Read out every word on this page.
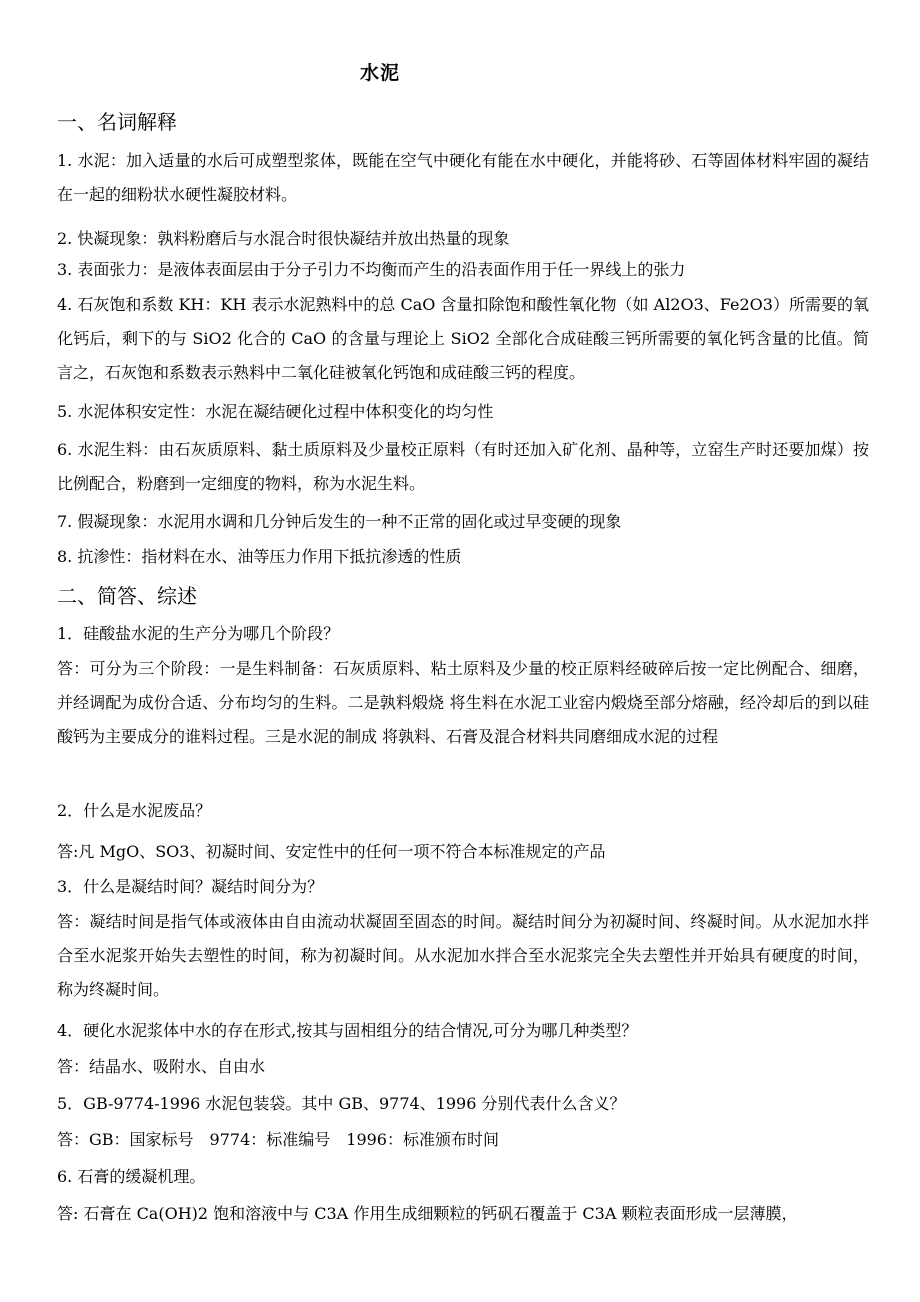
水泥
一、名词解释
1. 水泥：加入适量的水后可成塑型浆体，既能在空气中硬化有能在水中硬化，并能将砂、石等固体材料牢固的凝结在一起的细粉状水硬性凝胶材料。
2. 快凝现象：孰料粉磨后与水混合时很快凝结并放出热量的现象
3. 表面张力：是液体表面层由于分子引力不均衡而产生的沿表面作用于任一界线上的张力
4. 石灰饱和系数 KH：KH 表示水泥熟料中的总 CaO 含量扣除饱和酸性氧化物（如 Al2O3、Fe2O3）所需要的氧化钙后，剩下的与 SiO2 化合的 CaO 的含量与理论上 SiO2 全部化合成硅酸三钙所需要的氧化钙含量的比值。简言之，石灰饱和系数表示熟料中二氧化硅被氧化钙饱和成硅酸三钙的程度。
5. 水泥体积安定性：水泥在凝结硬化过程中体积变化的均匀性
6. 水泥生料：由石灰质原料、黏土质原料及少量校正原料（有时还加入矿化剂、晶种等，立窑生产时还要加煤）按比例配合，粉磨到一定细度的物料，称为水泥生料。
7. 假凝现象：水泥用水调和几分钟后发生的一种不正常的固化或过早变硬的现象
8. 抗渗性：指材料在水、油等压力作用下抵抗渗透的性质
二、简答、综述
1．硅酸盐水泥的生产分为哪几个阶段？
答：可分为三个阶段：一是生料制备：石灰质原料、粘土原料及少量的校正原料经破碎后按一定比例配合、细磨，并经调配为成份合适、分布均匀的生料。二是孰料煅烧 将生料在水泥工业窑内煅烧至部分熔融，经冷却后的到以硅酸钙为主要成分的谁料过程。三是水泥的制成 将孰料、石膏及混合材料共同磨细成水泥的过程
2．什么是水泥废品？
答:凡 MgO、SO3、初凝时间、安定性中的任何一项不符合本标准规定的产品
3．什么是凝结时间？凝结时间分为？
答：凝结时间是指气体或液体由自由流动状凝固至固态的时间。凝结时间分为初凝时间、终凝时间。从水泥加水拌合至水泥浆开始失去塑性的时间，称为初凝时间。从水泥加水拌合至水泥浆完全失去塑性并开始具有硬度的时间，称为终凝时间。
4．硬化水泥浆体中水的存在形式,按其与固相组分的结合情况,可分为哪几种类型？
答：结晶水、吸附水、自由水
5．GB-9774-1996 水泥包装袋。其中 GB、9774、1996 分别代表什么含义？
答：GB：国家标号　9774：标准编号　1996：标准颁布时间
6. 石膏的缓凝机理。
答: 石膏在 Ca(OH)2 饱和溶液中与 C3A 作用生成细颗粒的钙矾石覆盖于 C3A 颗粒表面形成一层薄膜，
